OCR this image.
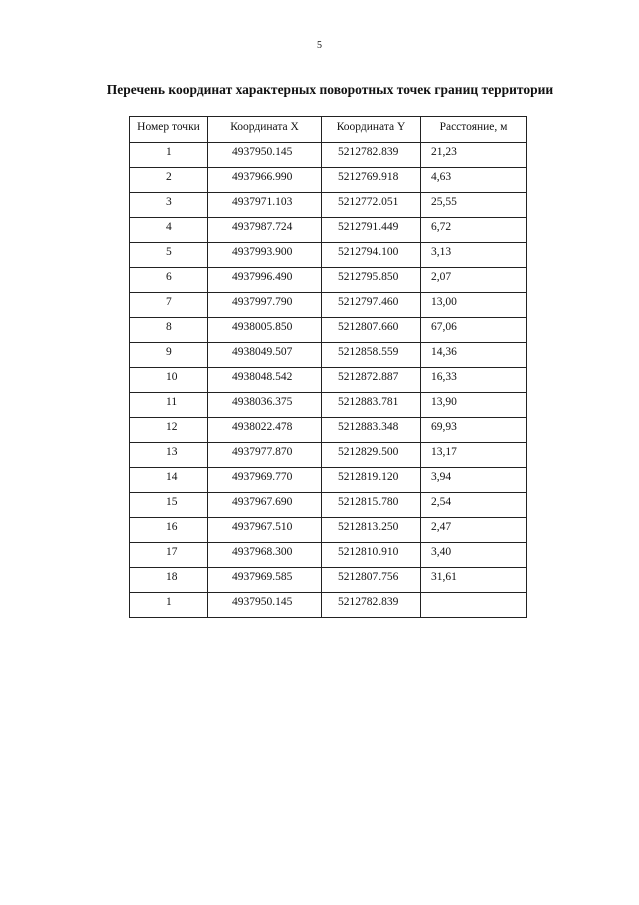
5
Перечень координат характерных поворотных точек границ территории
Номер точки	Координата X	Координата Y	Расстояние, м
1	4937950.145	5212782.839	21,23
2	4937966.990	5212769.918	4,63
3	4937971.103	5212772.051	25,55
4	4937987.724	5212791.449	6,72
5	4937993.900	5212794.100	3,13
6	4937996.490	5212795.850	2,07
7	4937997.790	5212797.460	13,00
8	4938005.850	5212807.660	67,06
9	4938049.507	5212858.559	14,36
10	4938048.542	5212872.887	16,33
11	4938036.375	5212883.781	13,90
12	4938022.478	5212883.348	69,93
13	4937977.870	5212829.500	13,17
14	4937969.770	5212819.120	3,94
15	4937967.690	5212815.780	2,54
16	4937967.510	5212813.250	2,47
17	4937968.300	5212810.910	3,40
18	4937969.585	5212807.756	31,61
1	4937950.145	5212782.839	
